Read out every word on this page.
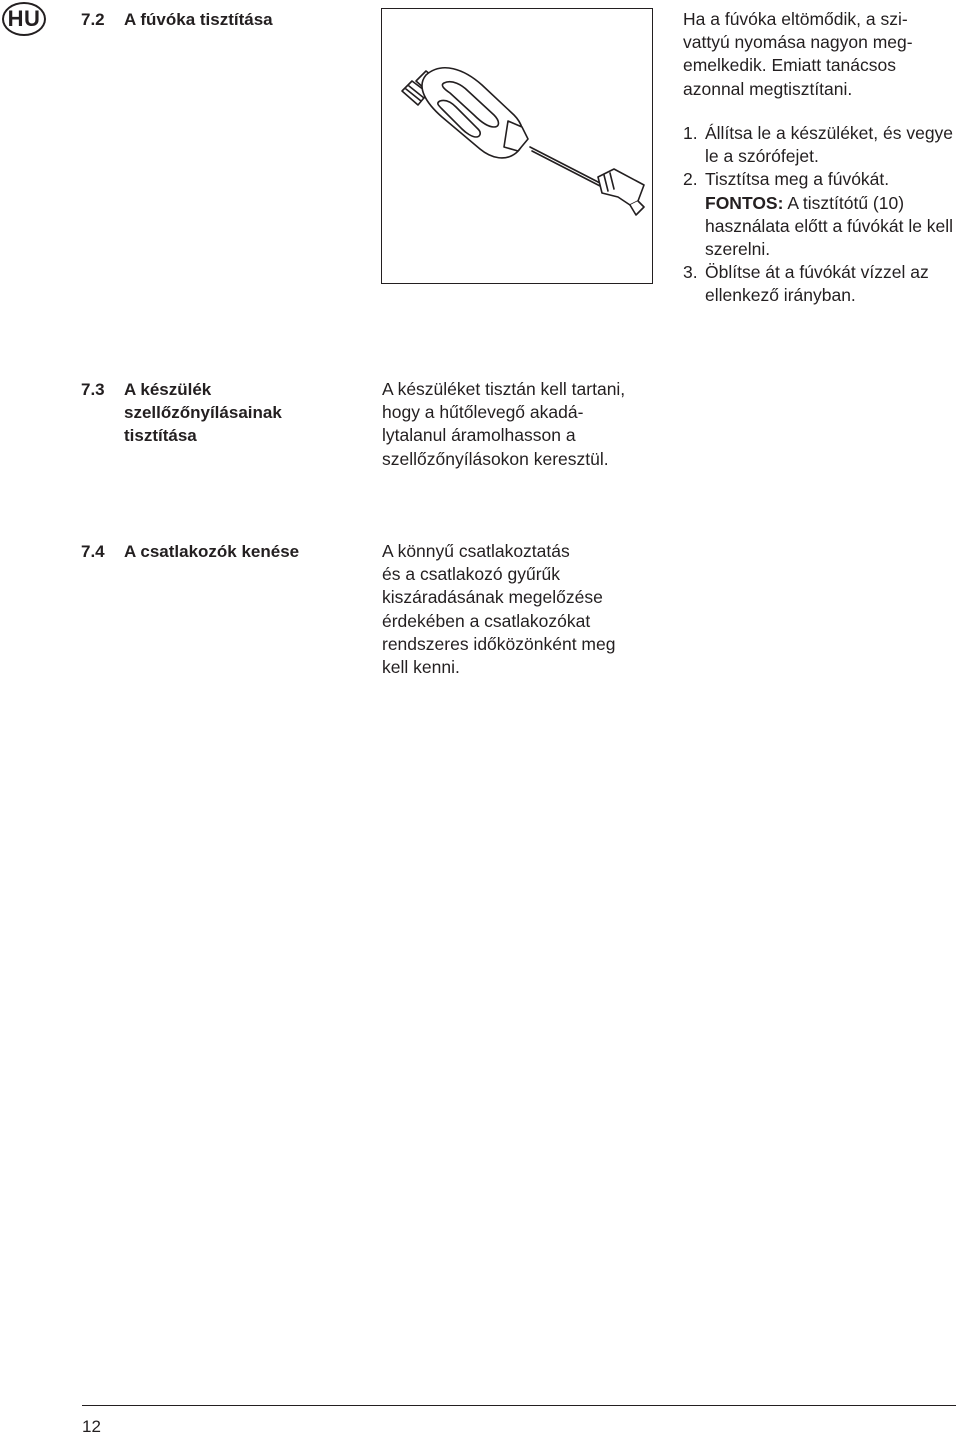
HU	7.2 A fúvóka tisztítása	Ha a fúvóka eltömődik, a szi-
vattyú nyomása nagyon meg-
emelkedik. Emiatt tanácsos
azonnal megtisztítani.
1. Állítsa le a készüléket, és vegye le a szórófejet.
2. Tisztítsa meg a fúvókát.
FONTOS: A tisztítótű (10) használata előtt a fúvókát le kell szerelni.
3. Öblítse át a fúvókát vízzel az ellenkező irányban.
7.3 A készülék
szellőzőnyílásainak
tisztítása
A készüléket tisztán kell tartani,
hogy a hűtőlevegő akadá-
lytalanul áramolhasson a
szellőzőnyílásokon keresztül.
7.4 A csatlakozók kenése	A könnyű csatlakoztatás
és a csatlakozó gyűrűk
kiszáradásának megelőzése
érdekében a csatlakozókat
rendszeres időközönként meg
kell kenni.
12
